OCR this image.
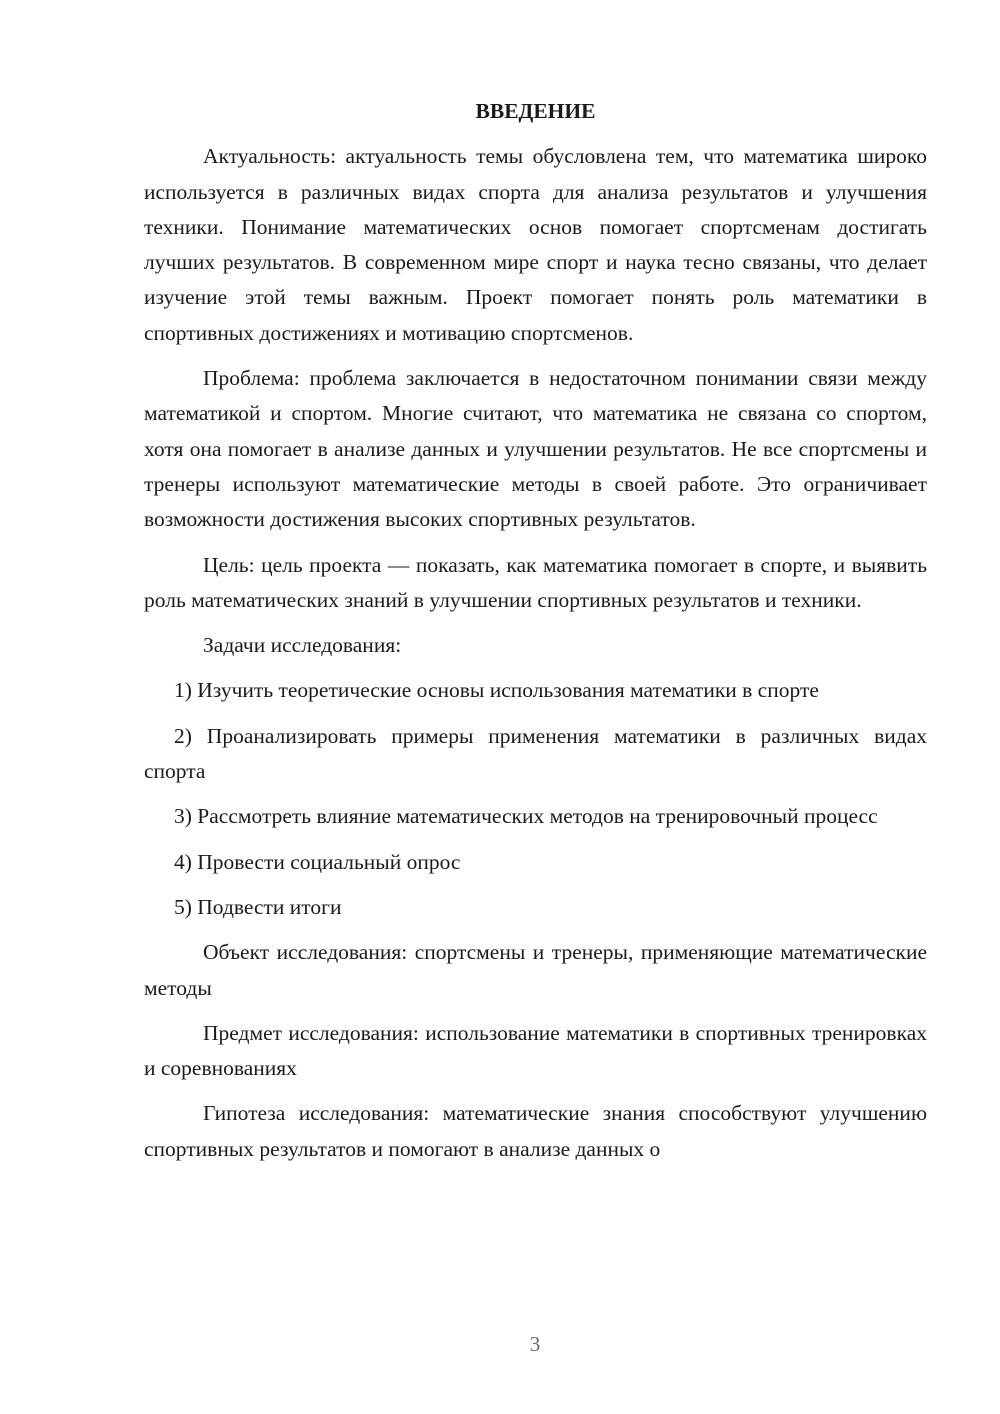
ВВЕДЕНИЕ

Актуальность: актуальность темы обусловлена тем, что математика широко используется в различных видах спорта для анализа результатов и улучшения техники. Понимание математических основ помогает спортсменам достигать лучших результатов. В современном мире спорт и наука тесно связаны, что делает изучение этой темы важным. Проект помогает понять роль математики в спортивных достижениях и мотивацию спортсменов.

Проблема: проблема заключается в недостаточном понимании связи между математикой и спортом. Многие считают, что математика не связана со спортом, хотя она помогает в анализе данных и улучшении результатов. Не все спортсмены и тренеры используют математические методы в своей работе. Это ограничивает возможности достижения высоких спортивных результатов.

Цель: цель проекта — показать, как математика помогает в спорте, и выявить роль математических знаний в улучшении спортивных результатов и техники.

Задачи исследования:

1) Изучить теоретические основы использования математики в спорте

2) Проанализировать примеры применения математики в различных видах спорта

3) Рассмотреть влияние математических методов на тренировочный процесс

4) Провести социальный опрос

5) Подвести итоги

Объект исследования: спортсмены и тренеры, применяющие математические методы

Предмет исследования: использование математики в спортивных тренировках и соревнованиях

Гипотеза исследования: математические знания способствуют улучшению спортивных результатов и помогают в анализе данных о

3
